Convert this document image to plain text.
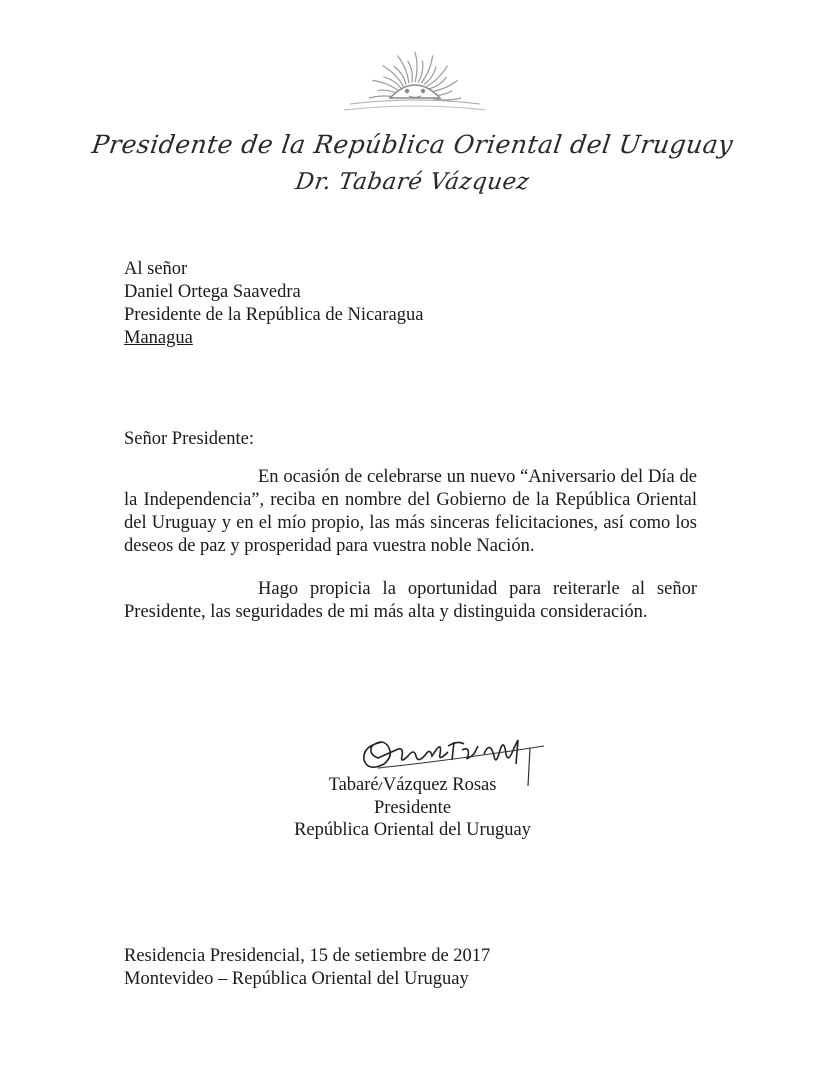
Presidente de la República Oriental del Uruguay
Dr. Tabaré Vázquez
Al señor
Daniel Ortega Saavedra
Presidente de la República de Nicaragua
Managua
Señor Presidente:
En ocasión de celebrarse un nuevo “Aniversario del Día de la Independencia”, reciba en nombre del Gobierno de la República Oriental del Uruguay y en el mío propio, las más sinceras felicitaciones, así como los deseos de paz y prosperidad para vuestra noble Nación.
Hago propicia la oportunidad para reiterarle al señor Presidente, las seguridades de mi más alta y distinguida consideración.
Tabaré Vázquez Rosas
Presidente
República Oriental del Uruguay
Residencia Presidencial, 15 de setiembre de 2017
Montevideo – República Oriental del Uruguay
